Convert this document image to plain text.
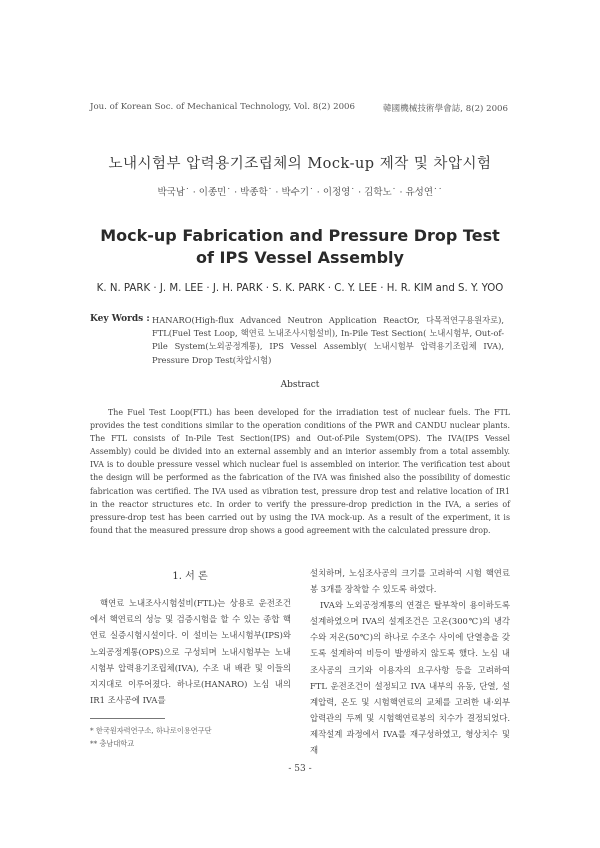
Jou. of Korean Soc. of Mechanical Technology, Vol. 8(2) 2006	韓國機械技術學會誌, 8(2) 2006
노내시험부 압력용기조립체의 Mock-up 제작 및 차압시험
박국남˙ · 이종민˙ · 박종학˙ · 박수기˙ · 이정영˙ · 김학노˙ · 유성연˙˙
Mock-up Fabrication and Pressure Drop Test
of IPS Vessel Assembly
K. N. PARK · J. M. LEE · J. H. PARK · S. K. PARK · C. Y. LEE · H. R. KIM and S. Y. YOO
Key Words : HANARO(High-flux Advanced Neutron Application ReactOr, 다목적연구용원자로), FTL(Fuel Test Loop, 핵연료 노내조사시험설비), In-Pile Test Section( 노내시험부, Out-of-Pile System(노외공정계통), IPS Vessel Assembly( 노내시험부 압력용기조립체 IVA), Pressure Drop Test(차압시험)
Abstract
The Fuel Test Loop(FTL) has been developed for the irradiation test of nuclear fuels. The FTL provides the test conditions similar to the operation conditions of the PWR and CANDU nuclear plants. The FTL consists of In-Pile Test Section(IPS) and Out-of-Pile System(OPS). The IVA(IPS Vessel Assembly) could be divided into an external assembly and an interior assembly from a total assembly. IVA is to double pressure vessel which nuclear fuel is assembled on interior. The verification test about the design will be performed as the fabrication of the IVA was finished also the possibility of domestic fabrication was certified. The IVA used as vibration test, pressure drop test and relative location of IR1 in the reactor structures etc. In order to verify the pressure-drop prediction in the IVA, a series of pressure-drop test has been carried out by using the IVA mock-up. As a result of the experiment, it is found that the measured pressure drop shows a good agreement with the calculated pressure drop.
1. 서 론
핵연료 노내조사시험설비(FTL)는 상용로 운전조건에서 핵연료의 성능 및 검증시험을 할 수 있는 종합 핵연료 실증시험시설이다. 이 설비는 노내시험부(IPS)와 노외공정계통(OPS)으로 구성되며 노내시험부는 노내시험부 압력용기조립체(IVA), 수조 내 배관 및 이들의 지지대로 이루어졌다. 하나로(HANARO) 노심 내의 IR1 조사공에 IVA를
* 한국원자력연구소, 하나로이용연구단
** 충남대학교

설치하며, 노심조사공의 크기를 고려하여 시험 핵연료봉 3개를 장착할 수 있도록 하였다.

IVA와 노외공정계통의 연결은 탈부착이 용이하도록 설계하였으며 IVA의 설계조건은 고온(300℃)의 냉각수와 저온(50℃)의 하나로 수조수 사이에 단열층을 갖도록 설계하여 비등이 발생하지 않도록 했다. 노심 내 조사공의 크기와 이용자의 요구사항 등을 고려하여 FTL 운전조건이 설정되고 IVA 내부의 유동, 단열, 설계압력, 온도 및 시험핵연료의 교체를 고려한 내·외부 압력관의 두께 및 시험핵연료봉의 치수가 결정되었다. 제작설계 과정에서 IVA를 재구성하였고, 형상치수 및 재

- 53 -
